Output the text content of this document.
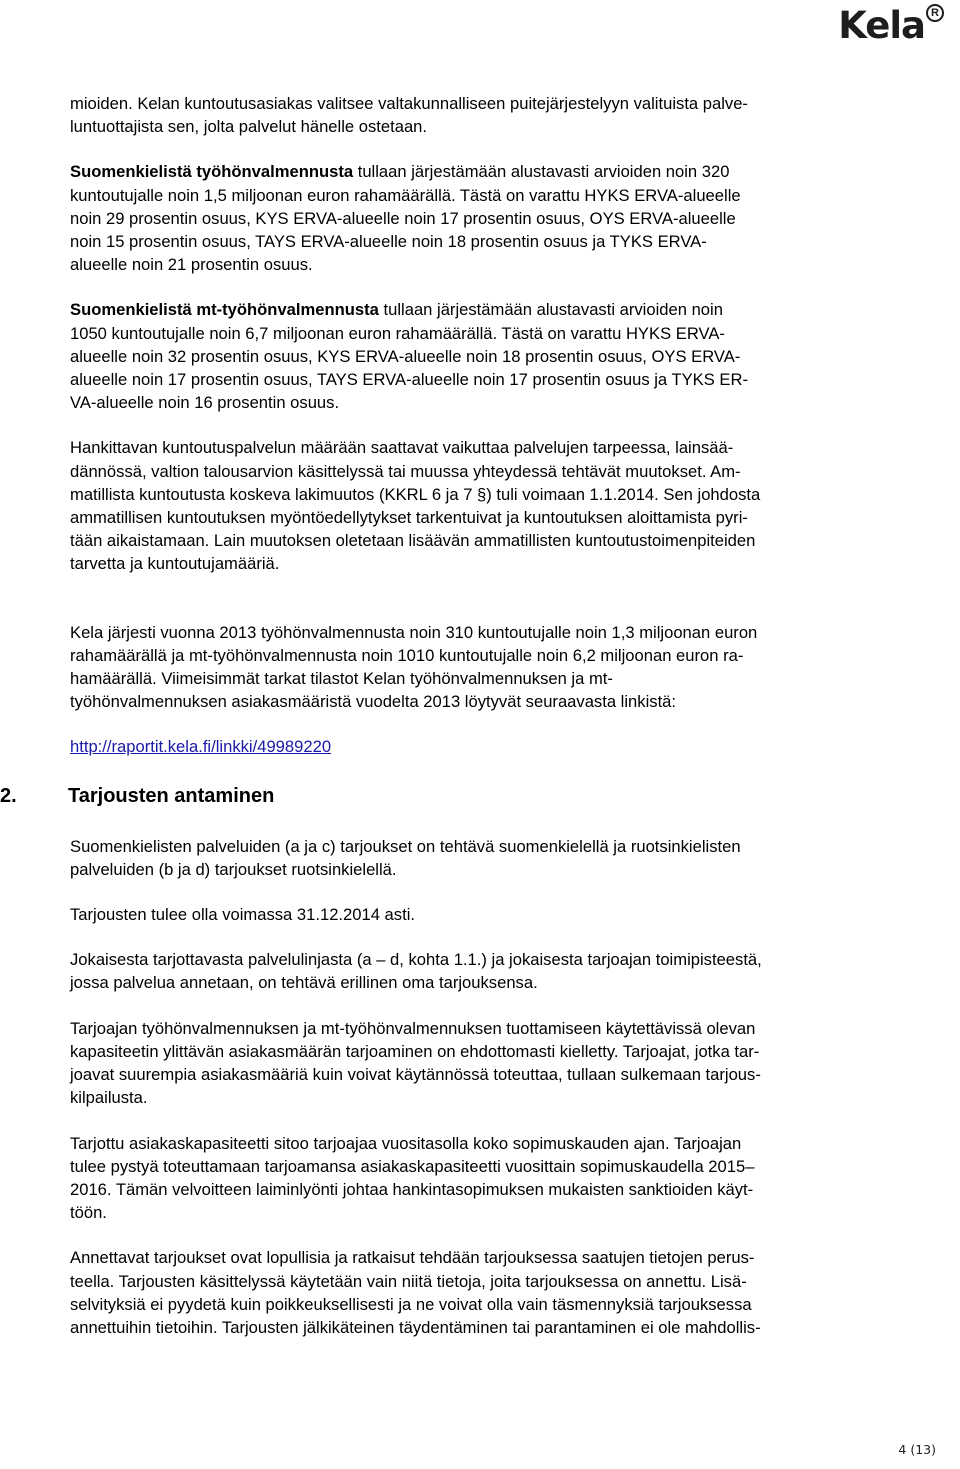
Kela R

mioiden. Kelan kuntoutusasiakas valitsee valtakunnalliseen puitejärjestelyyn valituista palve-
luntuottajista sen, jolta palvelut hänelle ostetaan.

Suomenkielistä työhönvalmennusta tullaan järjestämään alustavasti arvioiden noin 320
kuntoutujalle noin 1,5 miljoonan euron rahamäärällä. Tästä on varattu HYKS ERVA-alueelle
noin 29 prosentin osuus, KYS ERVA-alueelle noin 17 prosentin osuus, OYS ERVA-alueelle
noin 15 prosentin osuus, TAYS ERVA-alueelle noin 18 prosentin osuus ja TYKS ERVA-
alueelle noin 21 prosentin osuus.

Suomenkielistä mt-työhönvalmennusta tullaan järjestämään alustavasti arvioiden noin
1050 kuntoutujalle noin 6,7 miljoonan euron rahamäärällä. Tästä on varattu HYKS ERVA-
alueelle noin 32 prosentin osuus, KYS ERVA-alueelle noin 18 prosentin osuus, OYS ERVA-
alueelle noin 17 prosentin osuus, TAYS ERVA-alueelle noin 17 prosentin osuus ja TYKS ER-
VA-alueelle noin 16 prosentin osuus.

Hankittavan kuntoutuspalvelun määrään saattavat vaikuttaa palvelujen tarpeessa, lainsää-
dännössä, valtion talousarvion käsittelyssä tai muussa yhteydessä tehtävät muutokset. Am-
matillista kuntoutusta koskeva lakimuutos (KKRL 6 ja 7 §) tuli voimaan 1.1.2014. Sen johdosta
ammatillisen kuntoutuksen myöntöedellytykset tarkentuivat ja kuntoutuksen aloittamista pyri-
tään aikaistamaan. Lain muutoksen oletetaan lisäävän ammatillisten kuntoutustoimenpiteiden
tarvetta ja kuntoutujamääriä.

Kela järjesti vuonna 2013 työhönvalmennusta noin 310 kuntoutujalle noin 1,3 miljoonan euron
rahamäärällä ja mt-työhönvalmennusta noin 1010 kuntoutujalle noin 6,2 miljoonan euron ra-
hamäärällä. Viimeisimmät tarkat tilastot Kelan työhönvalmennuksen ja mt-
työhönvalmennuksen asiakasmääristä vuodelta 2013 löytyvät seuraavasta linkistä:

http://raportit.kela.fi/linkki/49989220

2.	Tarjousten antaminen

Suomenkielisten palveluiden (a ja c) tarjoukset on tehtävä suomenkielellä ja ruotsinkielisten
palveluiden (b ja d) tarjoukset ruotsinkielellä.

Tarjousten tulee olla voimassa 31.12.2014 asti.

Jokaisesta tarjottavasta palvelulinjasta (a – d, kohta 1.1.) ja jokaisesta tarjoajan toimipisteestä,
jossa palvelua annetaan, on tehtävä erillinen oma tarjouksensa.

Tarjoajan työhönvalmennuksen ja mt-työhönvalmennuksen tuottamiseen käytettävissä olevan
kapasiteetin ylittävän asiakasmäärän tarjoaminen on ehdottomasti kielletty. Tarjoajat, jotka tar-
joavat suurempia asiakasmääriä kuin voivat käytännössä toteuttaa, tullaan sulkemaan tarjous-
kilpailusta.

Tarjottu asiakaskapasiteetti sitoo tarjoajaa vuositasolla koko sopimuskauden ajan. Tarjoajan
tulee pystyä toteuttamaan tarjoamansa asiakaskapasiteetti vuosittain sopimuskaudella 2015–
2016. Tämän velvoitteen laiminlyönti johtaa hankintasopimuksen mukaisten sanktioiden käyt-
töön.

Annettavat tarjoukset ovat lopullisia ja ratkaisut tehdään tarjouksessa saatujen tietojen perus-
teella. Tarjousten käsittelyssä käytetään vain niitä tietoja, joita tarjouksessa on annettu. Lisä-
selvityksiä ei pyydetä kuin poikkeuksellisesti ja ne voivat olla vain täsmennyksiä tarjouksessa
annettuihin tietoihin. Tarjousten jälkikäteinen täydentäminen tai parantaminen ei ole mahdollis-

4 (13)
